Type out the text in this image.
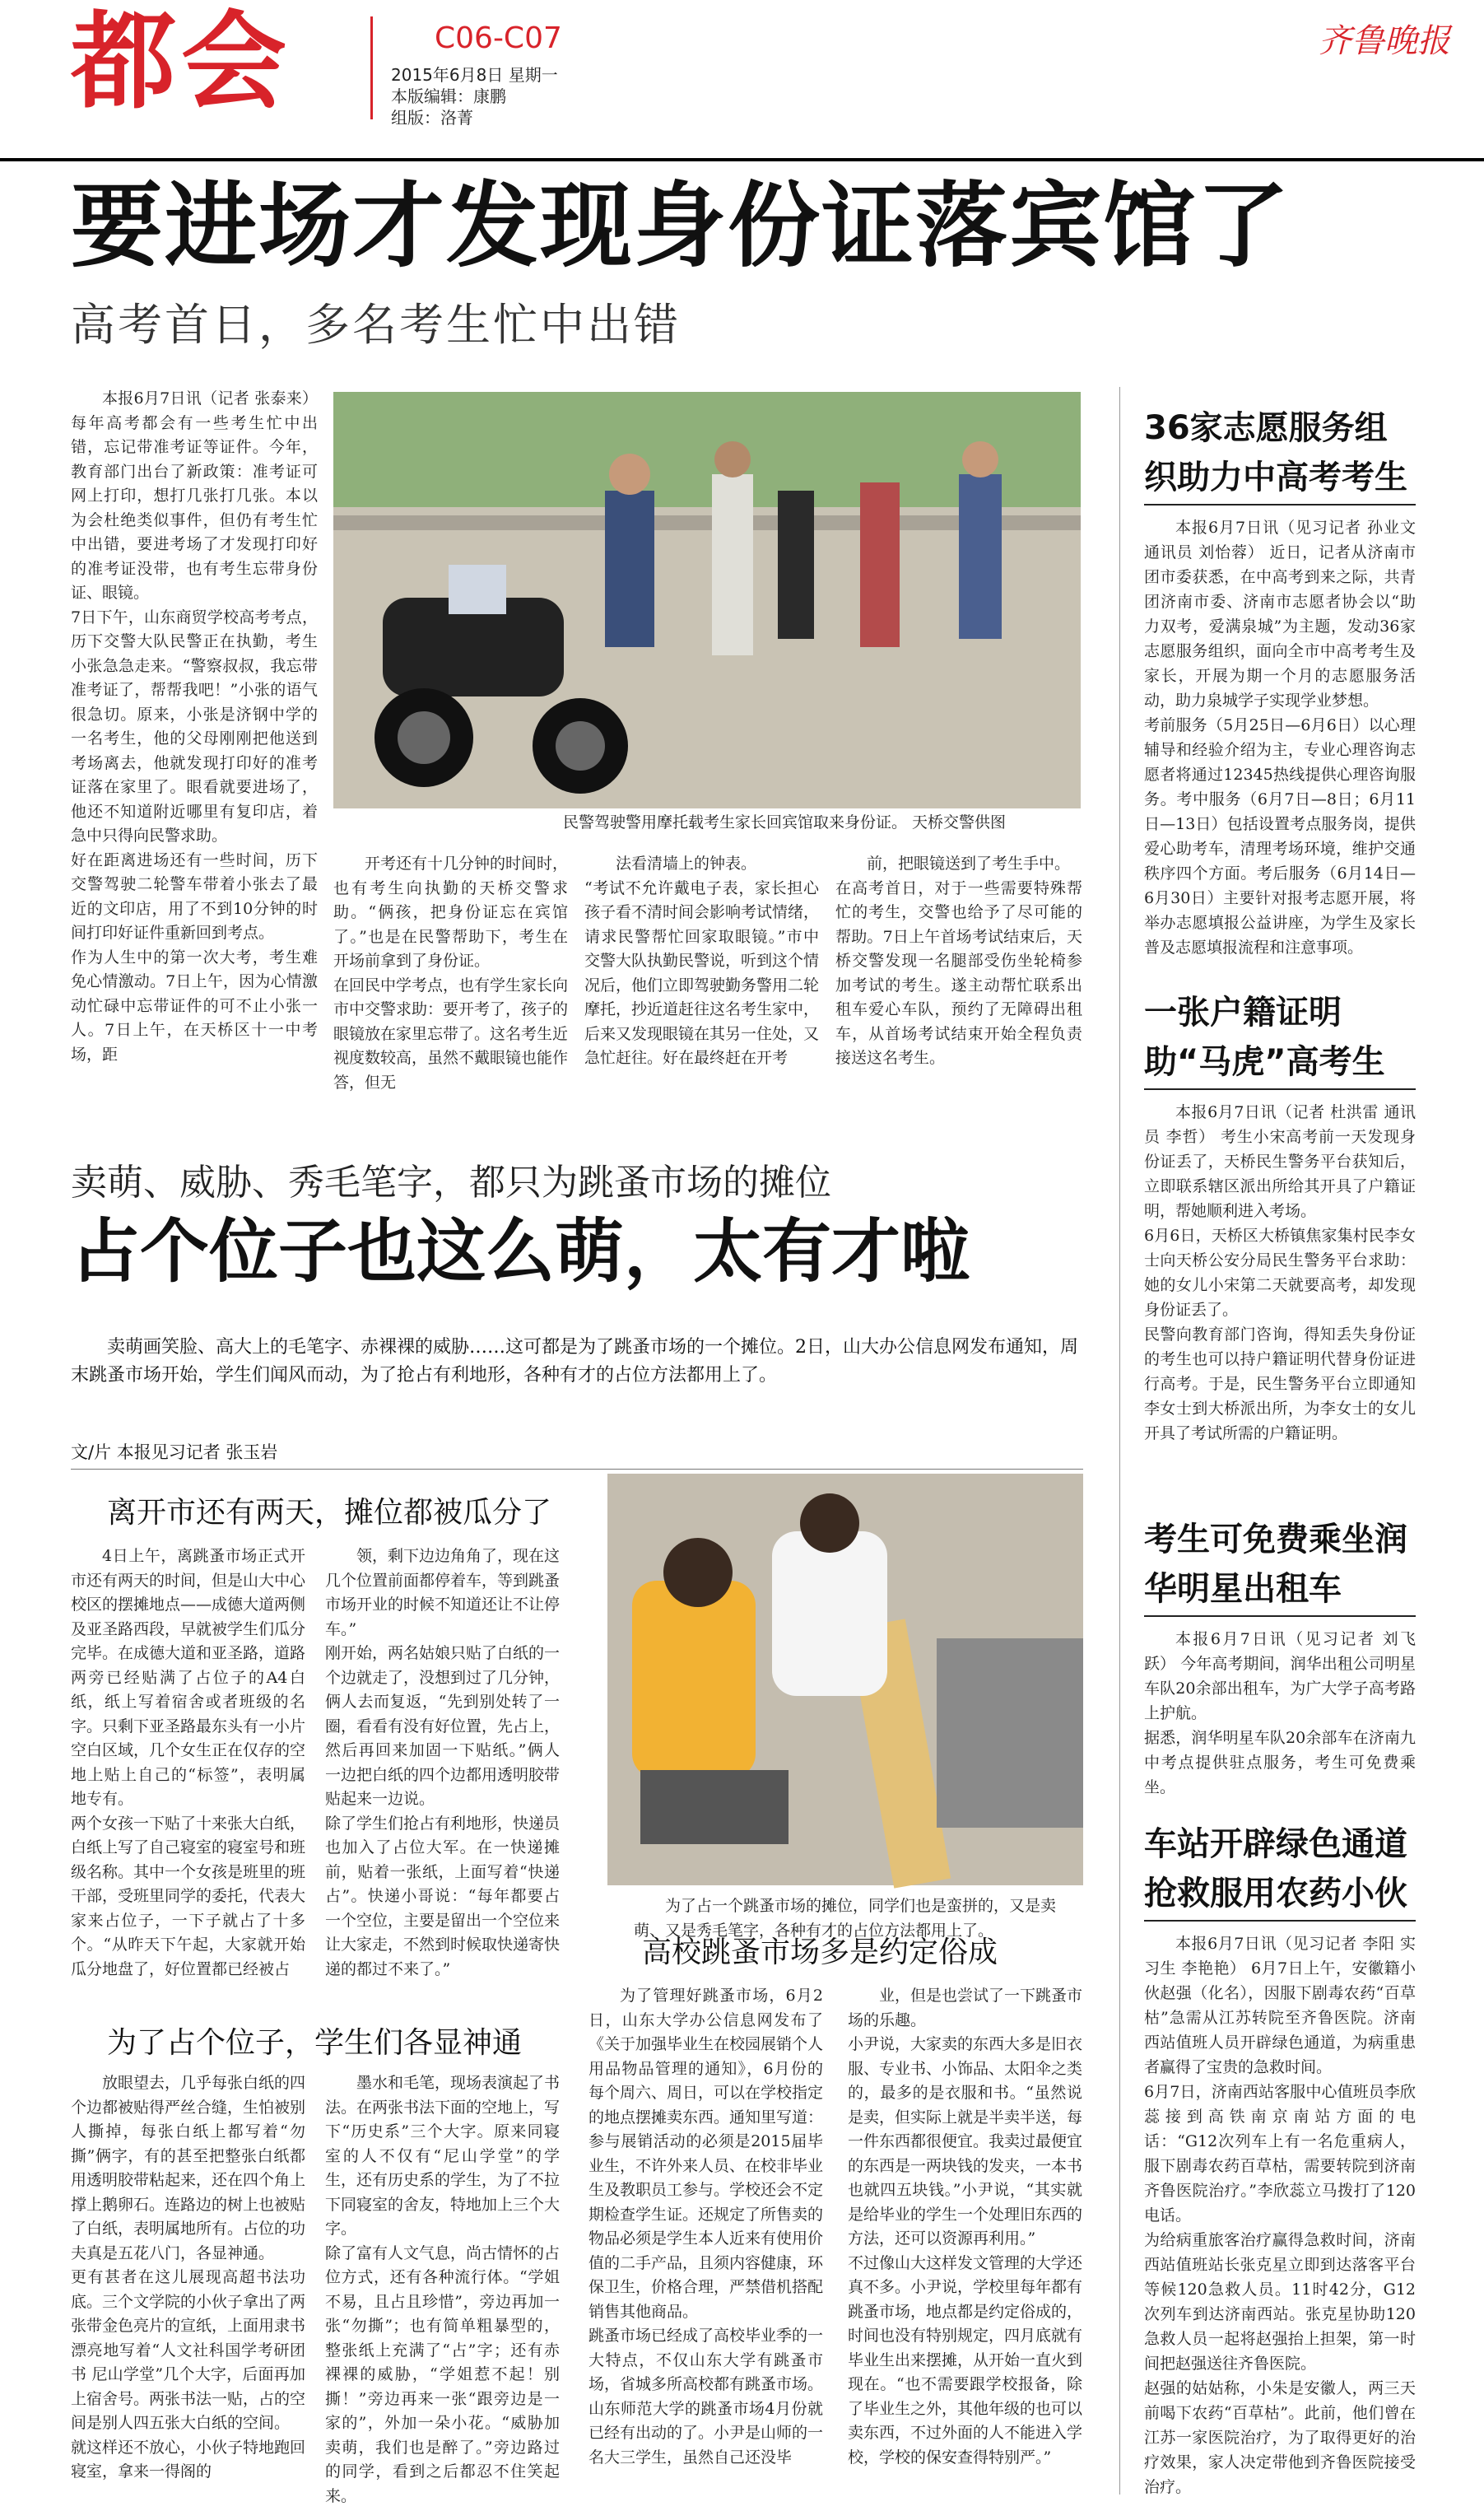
都会	C06-C07
2015年6月8日 星期一
本版编辑：康鹏
组版：洛菁
齐鲁晚报
要进场才发现身份证落宾馆了
高考首日，多名考生忙中出错
本报6月7日讯（记者 张泰来） 每年高考都会有一些考生忙中出错，忘记带准考证等证件。今年，教育部门出台了新政策：准考证可网上打印，想打几张打几张。本以为会杜绝类似事件，但仍有考生忙中出错，要进考场了才发现打印好的准考证没带，也有考生忘带身份证、眼镜。
7日下午，山东商贸学校高考考点，历下交警大队民警正在执勤，考生小张急急走来。“警察叔叔，我忘带准考证了，帮帮我吧！”小张的语气很急切。原来，小张是济钢中学的一名考生，他的父母刚刚把他送到考场离去，他就发现打印好的准考证落在家里了。眼看就要进场了，他还不知道附近哪里有复印店，着急中只得向民警求助。
好在距离进场还有一些时间，历下交警驾驶二轮警车带着小张去了最近的文印店，用了不到10分钟的时间打印好证件重新回到考点。
作为人生中的第一次大考，考生难免心情激动。7日上午，因为心情激动忙碌中忘带证件的可不止小张一人。7日上午，在天桥区十一中考场，距
民警驾驶警用摩托载考生家长回宾馆取来身份证。 天桥交警供图
开考还有十几分钟的时间时，也有考生向执勤的天桥交警求助。“俩孩，把身份证忘在宾馆了。”也是在民警帮助下，考生在开场前拿到了身份证。
在回民中学考点，也有学生家长向市中交警求助：要开考了，孩子的眼镜放在家里忘带了。这名考生近视度数较高，虽然不戴眼镜也能作答，但无
法看清墙上的钟表。
“考试不允许戴电子表，家长担心孩子看不清时间会影响考试情绪，请求民警帮忙回家取眼镜。”市中交警大队执勤民警说，听到这个情况后，他们立即驾驶勤务警用二轮摩托，抄近道赶往这名考生家中，后来又发现眼镜在其另一住处，又急忙赶往。好在最终赶在开考
前，把眼镜送到了考生手中。
在高考首日，对于一些需要特殊帮忙的考生，交警也给予了尽可能的帮助。7日上午首场考试结束后，天桥交警发现一名腿部受伤坐轮椅参加考试的考生。遂主动帮忙联系出租车爱心车队，预约了无障碍出租车，从首场考试结束开始全程负责接送这名考生。
卖萌、威胁、秀毛笔字，都只为跳蚤市场的摊位
占个位子也这么萌，太有才啦
卖萌画笑脸、高大上的毛笔字、赤裸裸的威胁……这可都是为了跳蚤市场的一个摊位。2日，山大办公信息网发布通知，周末跳蚤市场开始，学生们闻风而动，为了抢占有利地形，各种有才的占位方法都用上了。
文/片 本报见习记者 张玉岩
离开市还有两天，摊位都被瓜分了
4日上午，离跳蚤市场正式开市还有两天的时间，但是山大中心校区的摆摊地点——成德大道两侧及亚圣路西段，早就被学生们瓜分完毕。在成德大道和亚圣路，道路两旁已经贴满了占位子的A4白纸，纸上写着宿舍或者班级的名字。只剩下亚圣路最东头有一小片空白区域，几个女生正在仅存的空地上贴上自己的“标签”，表明属地专有。
两个女孩一下贴了十来张大白纸，白纸上写了自己寝室的寝室号和班级名称。其中一个女孩是班里的班干部，受班里同学的委托，代表大家来占位子，一下子就占了十多个。“从昨天下午起，大家就开始瓜分地盘了，好位置都已经被占
领，剩下边边角角了，现在这几个位置前面都停着车，等到跳蚤市场开业的时候不知道还让不让停车。”
刚开始，两名姑娘只贴了白纸的一个边就走了，没想到过了几分钟，俩人去而复返，“先到别处转了一圈，看看有没有好位置，先占上，然后再回来加固一下贴纸。”俩人一边把白纸的四个边都用透明胶带贴起来一边说。
除了学生们抢占有利地形，快递员也加入了占位大军。在一快递摊前，贴着一张纸，上面写着“快递占”。快递小哥说：“每年都要占一个空位，主要是留出一个空位来让大家走，不然到时候取快递寄快递的都过不来了。”
为了占一个跳蚤市场的摊位，同学们也是蛮拼的，又是卖萌、又是秀毛笔字，各种有才的占位方法都用上了。
为了占个位子，学生们各显神通
放眼望去，几乎每张白纸的四个边都被贴得严丝合缝，生怕被别人撕掉，每张白纸上都写着“勿撕”俩字，有的甚至把整张白纸都用透明胶带粘起来，还在四个角上撑上鹅卵石。连路边的树上也被贴了白纸，表明属地所有。占位的功夫真是五花八门，各显神通。
更有甚者在这儿展现高超书法功底。三个文学院的小伙子拿出了两张带金色亮片的宣纸，上面用隶书漂亮地写着“人文社科国学考研团书 尼山学堂”几个大字，后面再加上宿舍号。两张书法一贴，占的空间是别人四五张大白纸的空间。
就这样还不放心，小伙子特地跑回寝室，拿来一得阁的
墨水和毛笔，现场表演起了书法。在两张书法下面的空地上，写下“历史系”三个大字。原来同寝室的人不仅有“尼山学堂”的学生，还有历史系的学生，为了不拉下同寝室的舍友，特地加上三个大字。
除了富有人文气息，尚古情怀的占位方式，还有各种流行体。“学姐不易，且占且珍惜”，旁边再加一张“勿撕”；也有简单粗暴型的，整张纸上充满了“占”字；还有赤裸裸的威胁，“学姐惹不起！别撕！”旁边再来一张“跟旁边是一家的”，外加一朵小花。“威胁加卖萌，我们也是醉了。”旁边路过的同学，看到之后都忍不住笑起来。
高校跳蚤市场多是约定俗成
为了管理好跳蚤市场，6月2日，山东大学办公信息网发布了《关于加强毕业生在校园展销个人用品物品管理的通知》，6月份的每个周六、周日，可以在学校指定的地点摆摊卖东西。通知里写道：参与展销活动的必须是2015届毕业生，不许外来人员、在校非毕业生及教职员工参与。学校还会不定期检查学生证。还规定了所售卖的物品必须是学生本人近来有使用价值的二手产品，且须内容健康，环保卫生，价格合理，严禁借机搭配销售其他商品。
跳蚤市场已经成了高校毕业季的一大特点，不仅山东大学有跳蚤市场，省城多所高校都有跳蚤市场。山东师范大学的跳蚤市场4月份就已经有出动的了。小尹是山师的一名大三学生，虽然自己还没毕
业，但是也尝试了一下跳蚤市场的乐趣。
小尹说，大家卖的东西大多是旧衣服、专业书、小饰品、太阳伞之类的，最多的是衣服和书。“虽然说是卖，但实际上就是半卖半送，每一件东西都很便宜。我卖过最便宜的东西是一两块钱的发夹，一本书也就四五块钱。”小尹说，“其实就是给毕业的学生一个处理旧东西的方法，还可以资源再利用。”
不过像山大这样发文管理的大学还真不多。小尹说，学校里每年都有跳蚤市场，地点都是约定俗成的，时间也没有特别规定，四月底就有毕业生出来摆摊，从开始一直火到现在。“也不需要跟学校报备，除了毕业生之外，其他年级的也可以卖东西，不过外面的人不能进入学校，学校的保安查得特别严。”
36家志愿服务组织助力中高考考生
本报6月7日讯（见习记者 孙业文 通讯员 刘怡蓉） 近日，记者从济南市团市委获悉，在中高考到来之际，共青团济南市委、济南市志愿者协会以“助力双考，爱满泉城”为主题，发动36家志愿服务组织，面向全市中高考考生及家长，开展为期一个月的志愿服务活动，助力泉城学子实现学业梦想。
考前服务（5月25日—6月6日）以心理辅导和经验介绍为主，专业心理咨询志愿者将通过12345热线提供心理咨询服务。考中服务（6月7日—8日；6月11日—13日）包括设置考点服务岗，提供爱心助考车，清理考场环境，维护交通秩序四个方面。考后服务（6月14日—6月30日）主要针对报考志愿开展，将举办志愿填报公益讲座，为学生及家长普及志愿填报流程和注意事项。
一张户籍证明助“马虎”高考生
本报6月7日讯（记者 杜洪雷 通讯员 李哲） 考生小宋高考前一天发现身份证丢了，天桥民生警务平台获知后，立即联系辖区派出所给其开具了户籍证明，帮她顺利进入考场。
6月6日，天桥区大桥镇焦家集村民李女士向天桥公安分局民生警务平台求助：她的女儿小宋第二天就要高考，却发现身份证丢了。
民警向教育部门咨询，得知丢失身份证的考生也可以持户籍证明代替身份证进行高考。于是，民生警务平台立即通知李女士到大桥派出所，为李女士的女儿开具了考试所需的户籍证明。
考生可免费乘坐润华明星出租车
本报6月7日讯（见习记者 刘飞跃） 今年高考期间，润华出租公司明星车队20余部出租车，为广大学子高考路上护航。
据悉，润华明星车队20余部车在济南九中考点提供驻点服务，考生可免费乘坐。
车站开辟绿色通道抢救服用农药小伙
本报6月7日讯（见习记者 李阳 实习生 李艳艳） 6月7日上午，安徽籍小伙赵强（化名），因服下剧毒农药“百草枯”急需从江苏转院至齐鲁医院。济南西站值班人员开辟绿色通道，为病重患者赢得了宝贵的急救时间。
6月7日，济南西站客服中心值班员李欣蕊接到高铁南京南站方面的电话：“G12次列车上有一名危重病人，服下剧毒农药百草枯，需要转院到济南齐鲁医院治疗。”李欣蕊立马拨打了120电话。
为给病重旅客治疗赢得急救时间，济南西站值班站长张克星立即到达落客平台等候120急救人员。11时42分，G12次列车到达济南西站。张克星协助120急救人员一起将赵强抬上担架，第一时间把赵强送往齐鲁医院。
赵强的姑姑称，小朱是安徽人，两三天前喝下农药“百草枯”。此前，他们曾在江苏一家医院治疗，为了取得更好的治疗效果，家人决定带他到齐鲁医院接受治疗。
